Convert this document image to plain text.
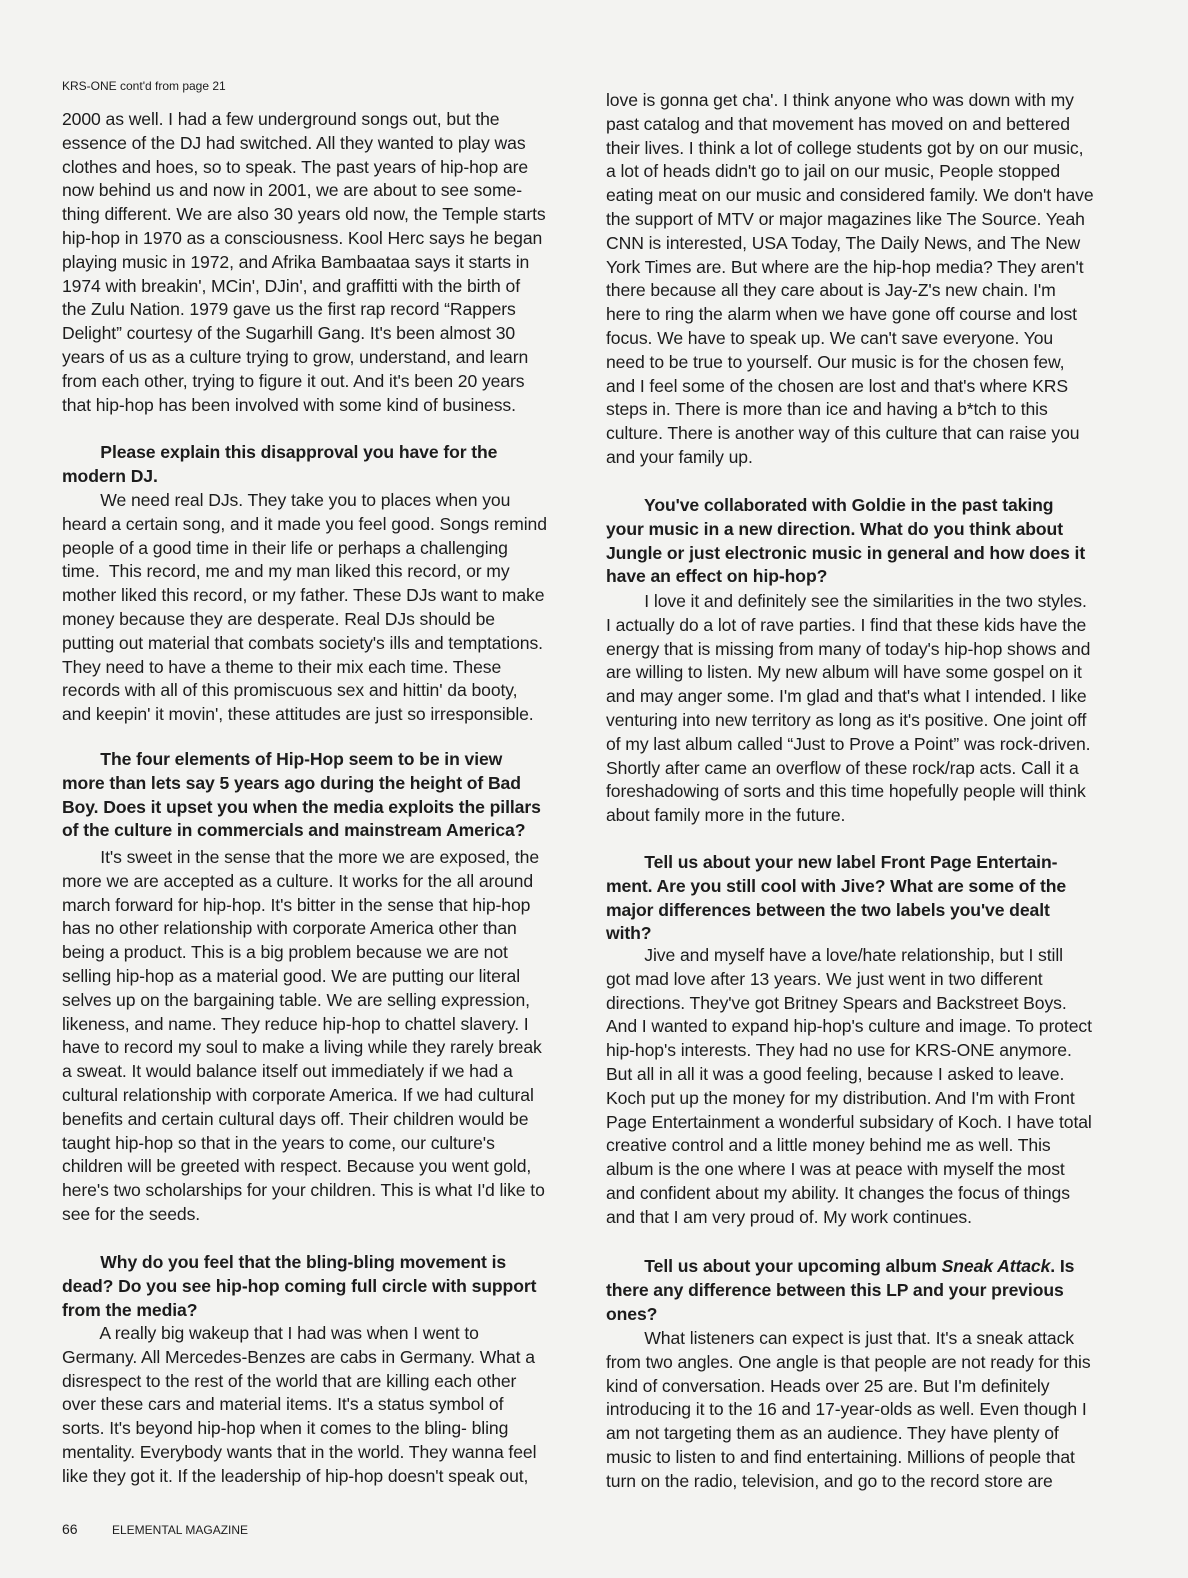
KRS-ONE cont'd from page 21
2000 as well. I had a few underground songs out, but the
essence of the DJ had switched. All they wanted to play was
clothes and hoes, so to speak. The past years of hip-hop are
now behind us and now in 2001, we are about to see some-
thing different. We are also 30 years old now, the Temple starts
hip-hop in 1970 as a consciousness. Kool Herc says he began
playing music in 1972, and Afrika Bambaataa says it starts in
1974 with breakin', MCin', DJin', and graffitti with the birth of
the Zulu Nation. 1979 gave us the first rap record “Rappers
Delight” courtesy of the Sugarhill Gang. It's been almost 30
years of us as a culture trying to grow, understand, and learn
from each other, trying to figure it out. And it's been 20 years
that hip-hop has been involved with some kind of business.
Please explain this disapproval you have for the
modern DJ.
We need real DJs. They take you to places when you
heard a certain song, and it made you feel good. Songs remind
people of a good time in their life or perhaps a challenging
time.  This record, me and my man liked this record, or my
mother liked this record, or my father. These DJs want to make
money because they are desperate. Real DJs should be
putting out material that combats society's ills and temptations.
They need to have a theme to their mix each time. These
records with all of this promiscuous sex and hittin' da booty,
and keepin' it movin', these attitudes are just so irresponsible.
The four elements of Hip-Hop seem to be in view
more than lets say 5 years ago during the height of Bad
Boy. Does it upset you when the media exploits the pillars
of the culture in commercials and mainstream America?
It's sweet in the sense that the more we are exposed, the
more we are accepted as a culture. It works for the all around
march forward for hip-hop. It's bitter in the sense that hip-hop
has no other relationship with corporate America other than
being a product. This is a big problem because we are not
selling hip-hop as a material good. We are putting our literal
selves up on the bargaining table. We are selling expression,
likeness, and name. They reduce hip-hop to chattel slavery. I
have to record my soul to make a living while they rarely break
a sweat. It would balance itself out immediately if we had a
cultural relationship with corporate America. If we had cultural
benefits and certain cultural days off. Their children would be
taught hip-hop so that in the years to come, our culture's
children will be greeted with respect. Because you went gold,
here's two scholarships for your children. This is what I'd like to
see for the seeds.
Why do you feel that the bling-bling movement is
dead? Do you see hip-hop coming full circle with support
from the media?
A really big wakeup that I had was when I went to
Germany. All Mercedes-Benzes are cabs in Germany. What a
disrespect to the rest of the world that are killing each other
over these cars and material items. It's a status symbol of
sorts. It's beyond hip-hop when it comes to the bling- bling
mentality. Everybody wants that in the world. They wanna feel
like they got it. If the leadership of hip-hop doesn't speak out,
love is gonna get cha'. I think anyone who was down with my
past catalog and that movement has moved on and bettered
their lives. I think a lot of college students got by on our music,
a lot of heads didn't go to jail on our music, People stopped
eating meat on our music and considered family. We don't have
the support of MTV or major magazines like The Source. Yeah
CNN is interested, USA Today, The Daily News, and The New
York Times are. But where are the hip-hop media? They aren't
there because all they care about is Jay-Z's new chain. I'm
here to ring the alarm when we have gone off course and lost
focus. We have to speak up. We can't save everyone. You
need to be true to yourself. Our music is for the chosen few,
and I feel some of the chosen are lost and that's where KRS
steps in. There is more than ice and having a b*tch to this
culture. There is another way of this culture that can raise you
and your family up.
You've collaborated with Goldie in the past taking
your music in a new direction. What do you think about
Jungle or just electronic music in general and how does it
have an effect on hip-hop?
I love it and definitely see the similarities in the two styles.
I actually do a lot of rave parties. I find that these kids have the
energy that is missing from many of today's hip-hop shows and
are willing to listen. My new album will have some gospel on it
and may anger some. I'm glad and that's what I intended. I like
venturing into new territory as long as it's positive. One joint off
of my last album called “Just to Prove a Point” was rock-driven.
Shortly after came an overflow of these rock/rap acts. Call it a
foreshadowing of sorts and this time hopefully people will think
about family more in the future.
Tell us about your new label Front Page Entertain-
ment. Are you still cool with Jive? What are some of the
major differences between the two labels you've dealt
with?
Jive and myself have a love/hate relationship, but I still
got mad love after 13 years. We just went in two different
directions. They've got Britney Spears and Backstreet Boys.
And I wanted to expand hip-hop's culture and image. To protect
hip-hop's interests. They had no use for KRS-ONE anymore.
But all in all it was a good feeling, because I asked to leave.
Koch put up the money for my distribution. And I'm with Front
Page Entertainment a wonderful subsidary of Koch. I have total
creative control and a little money behind me as well. This
album is the one where I was at peace with myself the most
and confident about my ability. It changes the focus of things
and that I am very proud of. My work continues.
Tell us about your upcoming album Sneak Attack. Is
there any difference between this LP and your previous
ones?
What listeners can expect is just that. It's a sneak attack
from two angles. One angle is that people are not ready for this
kind of conversation. Heads over 25 are. But I'm definitely
introducing it to the 16 and 17-year-olds as well. Even though I
am not targeting them as an audience. They have plenty of
music to listen to and find entertaining. Millions of people that
turn on the radio, television, and go to the record store are
66	ELEMENTAL MAGAZINE
